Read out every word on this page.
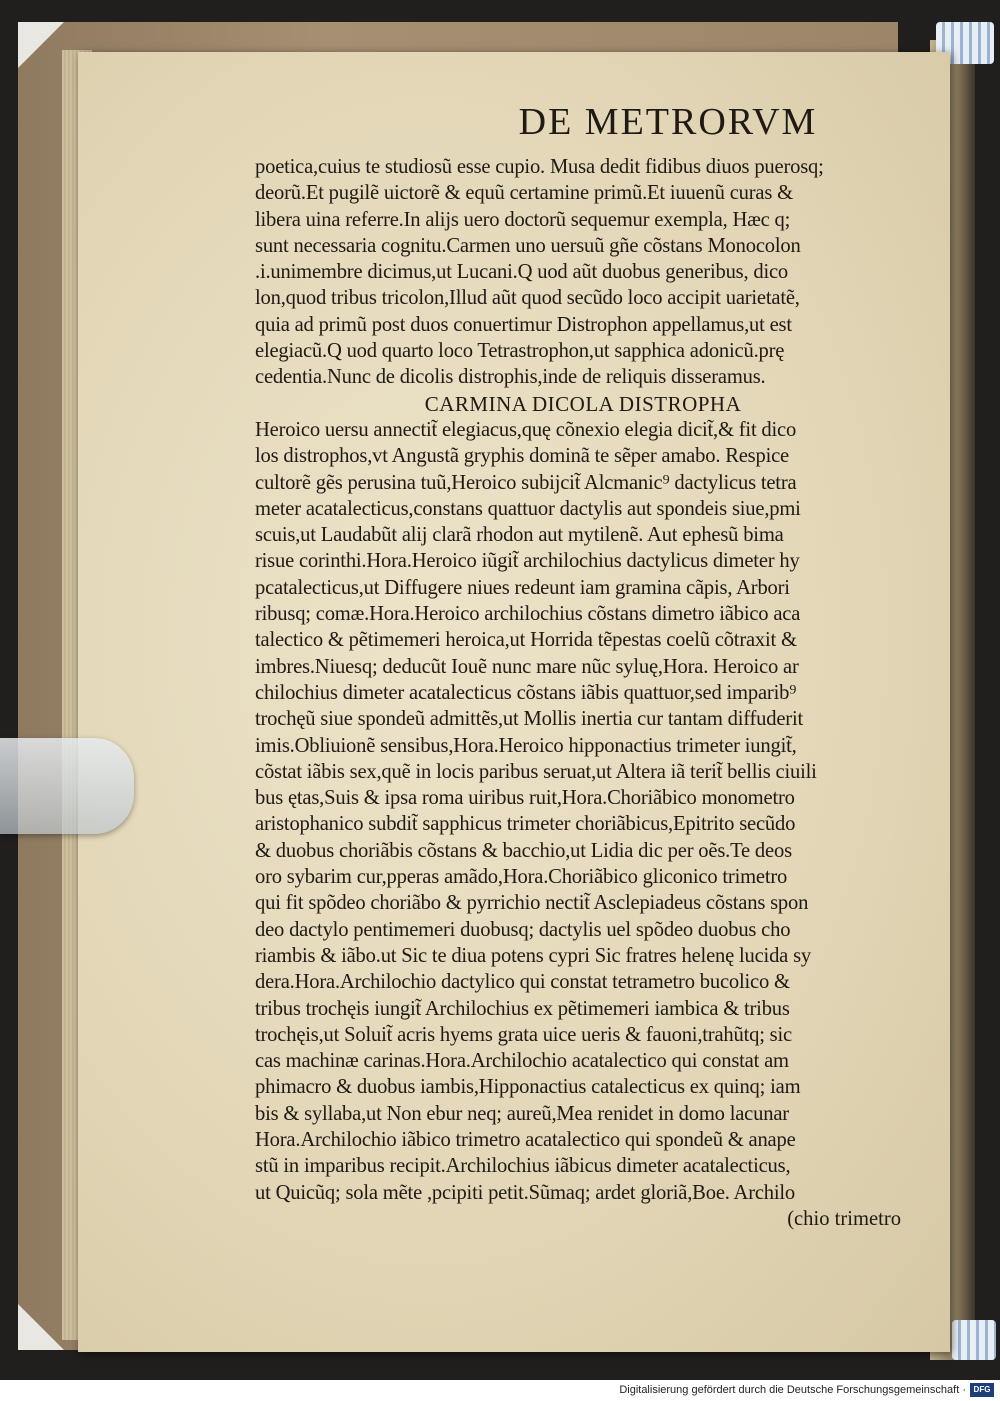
DE METRORVM
poetica,cuius te studiosũ esse cupio. Musa dedit fidibus diuos puerosq;
deorũ.Et pugilẽ uictorẽ & equũ certamine primũ.Et iuuenũ curas &
libera uina referre.In alijs uero doctorũ sequemur exempla, Hæc q;
sunt necessaria cognitu.Carmen uno uersuũ gñe cõstans Monocolon
.i.unimembre dicimus,ut Lucani.Q uod aũt duobus generibus, dico
lon,quod tribus tricolon,Illud aũt quod secũdo loco accipit uarietatẽ,
quia ad primũ post duos conuertimur Distrophon appellamus,ut est
elegiacũ.Q uod quarto loco Tetrastrophon,ut sapphica adonicũ.prę
cedentia.Nunc de dicolis distrophis,inde de reliquis disseramus.
CARMINA DICOLA DISTROPHA
Heroico uersu annectit̃ elegiacus,quę cõnexio elegia dicit̃,& fit dico
los distrophos,vt Angustã gryphis dominã te sẽper amabo. Respice
cultorẽ gẽs perusina tuũ,Heroico subijcit̃ Alcmanic⁹ dactylicus tetra
meter acatalecticus,constans quattuor dactylis aut spondeis siue,pmi
scuis,ut Laudabũt alij clarã rhodon aut mytilenẽ. Aut ephesũ bima
risue corinthi.Hora.Heroico iũgit̃ archilochius dactylicus dimeter hy
pcatalecticus,ut Diffugere niues redeunt iam gramina cãpis, Arbori
ribusq; comæ.Hora.Heroico archilochius cõstans dimetro iãbico aca
talectico & pẽtimemeri heroica,ut Horrida tẽpestas coelũ cõtraxit &
imbres.Niuesq; deducũt Iouẽ nunc mare nũc syluę,Hora. Heroico ar
chilochius dimeter acatalecticus cõstans iãbis quattuor,sed imparib⁹
trochęũ siue spondeũ admittẽs,ut Mollis inertia cur tantam diffuderit
imis.Obliuionẽ sensibus,Hora.Heroico hipponactius trimeter iungit̃,
cõstat iãbis sex,quẽ in locis paribus seruat,ut Altera iã terit̃ bellis ciuili
bus ętas,Suis & ipsa roma uiribus ruit,Hora.Choriãbico monometro
aristophanico subdit̃ sapphicus trimeter choriãbicus,Epitrito secũdo
& duobus choriãbis cõstans & bacchio,ut Lidia dic per oẽs.Te deos
oro sybarim cur,pperas amãdo,Hora.Choriãbico gliconico trimetro
qui fit spõdeo choriãbo & pyrrichio nectit̃ Asclepiadeus cõstans spon
deo dactylo pentimemeri duobusq; dactylis uel spõdeo duobus cho
riambis & iãbo.ut Sic te diua potens cypri Sic fratres helenę lucida sy
dera.Hora.Archilochio dactylico qui constat tetrametro bucolico &
tribus trochęis iungit̃ Archilochius ex pẽtimemeri iambica & tribus
trochęis,ut Soluit̃ acris hyems grata uice ueris & fauoni,trahũtq; sic
cas machinæ carinas.Hora.Archilochio acatalectico qui constat am
phimacro & duobus iambis,Hipponactius catalecticus ex quinq; iam
bis & syllaba,ut Non ebur neq; aureũ,Mea renidet in domo lacunar
Hora.Archilochio iãbico trimetro acatalectico qui spondeũ & anape
stũ in imparibus recipit.Archilochius iãbicus dimeter acatalecticus,
ut Quicũq; sola mẽte ,pcipiti petit.Sũmaq; ardet gloriã,Boe. Archilo
(chio trimetro
Digitalisierung gefördert durch die Deutsche Forschungsgemeinschaft · DFG
